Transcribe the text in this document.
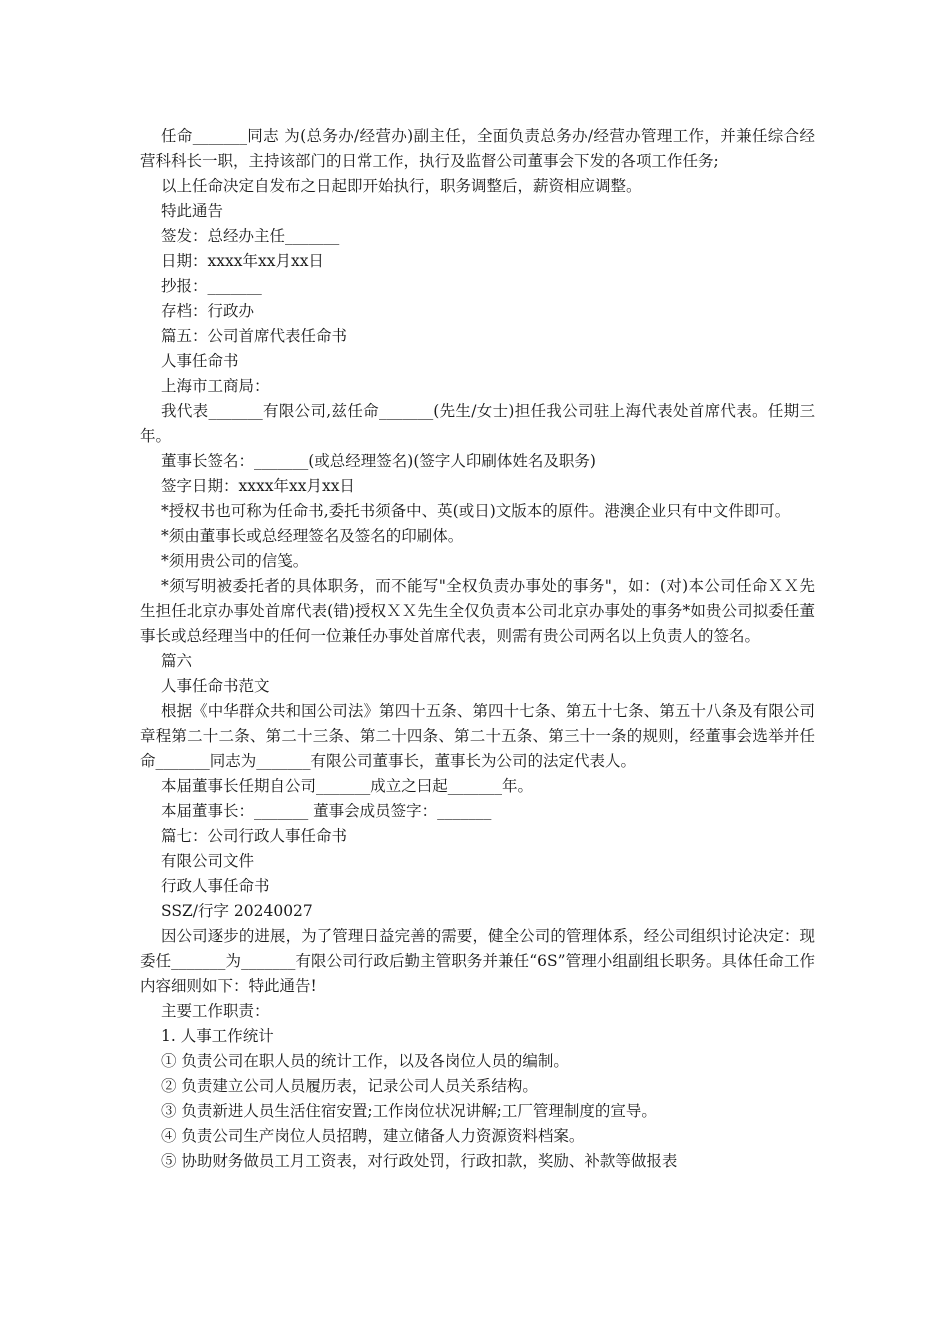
任命_______同志 为(总务办/经营办)副主任，全面负责总务办/经营办管理工作，并兼任综合经营科科长一职，主持该部门的日常工作，执行及监督公司董事会下发的各项工作任务;

以上任命决定自发布之日起即开始执行，职务调整后，薪资相应调整。

特此通告

签发：总经办主任_______

日期：xxxx年xx月xx日

抄报：_______

存档：行政办

篇五：公司首席代表任命书

人事任命书

上海市工商局：

我代表_______有限公司,兹任命_______(先生/女士)担任我公司驻上海代表处首席代表。任期三年。

董事长签名：_______(或总经理签名)(签字人印刷体姓名及职务)

签字日期：xxxx年xx月xx日

*授权书也可称为任命书,委托书须备中、英(或日)文版本的原件。港澳企业只有中文件即可。

*须由董事长或总经理签名及签名的印刷体。

*须用贵公司的信笺。

*须写明被委托者的具体职务，而不能写"全权负责办事处的事务"，如：(对)本公司任命ＸＸ先生担任北京办事处首席代表(错)授权ＸＸ先生全仅负责本公司北京办事处的事务*如贵公司拟委任董事长或总经理当中的任何一位兼任办事处首席代表，则需有贵公司两名以上负责人的签名。

篇六

人事任命书范文

根据《中华群众共和国公司法》第四十五条、第四十七条、第五十七条、第五十八条及有限公司章程第二十二条、第二十三条、第二十四条、第二十五条、第三十一条的规则，经董事会选举并任命_______同志为_______有限公司董事长，董事长为公司的法定代表人。

本届董事长任期自公司_______成立之曰起_______年。

本届董事长：_______ 董事会成员签字：_______

篇七：公司行政人事任命书

有限公司文件

行政人事任命书

SSZ/行字 20240027

因公司逐步的进展，为了管理日益完善的需要，健全公司的管理体系，经公司组织讨论决定：现委任_______为_______有限公司行政后勤主管职务并兼任“6S”管理小组副组长职务。具体任命工作内容细则如下：特此通告!

主要工作职责：

1. 人事工作统计

① 负责公司在职人员的统计工作，以及各岗位人员的编制。

② 负责建立公司人员履历表，记录公司人员关系结构。

③ 负责新进人员生活住宿安置;工作岗位状况讲解;工厂管理制度的宣导。

④ 负责公司生产岗位人员招聘，建立储备人力资源资料档案。

⑤ 协助财务做员工月工资表，对行政处罚，行政扣款，奖励、补款等做报表
